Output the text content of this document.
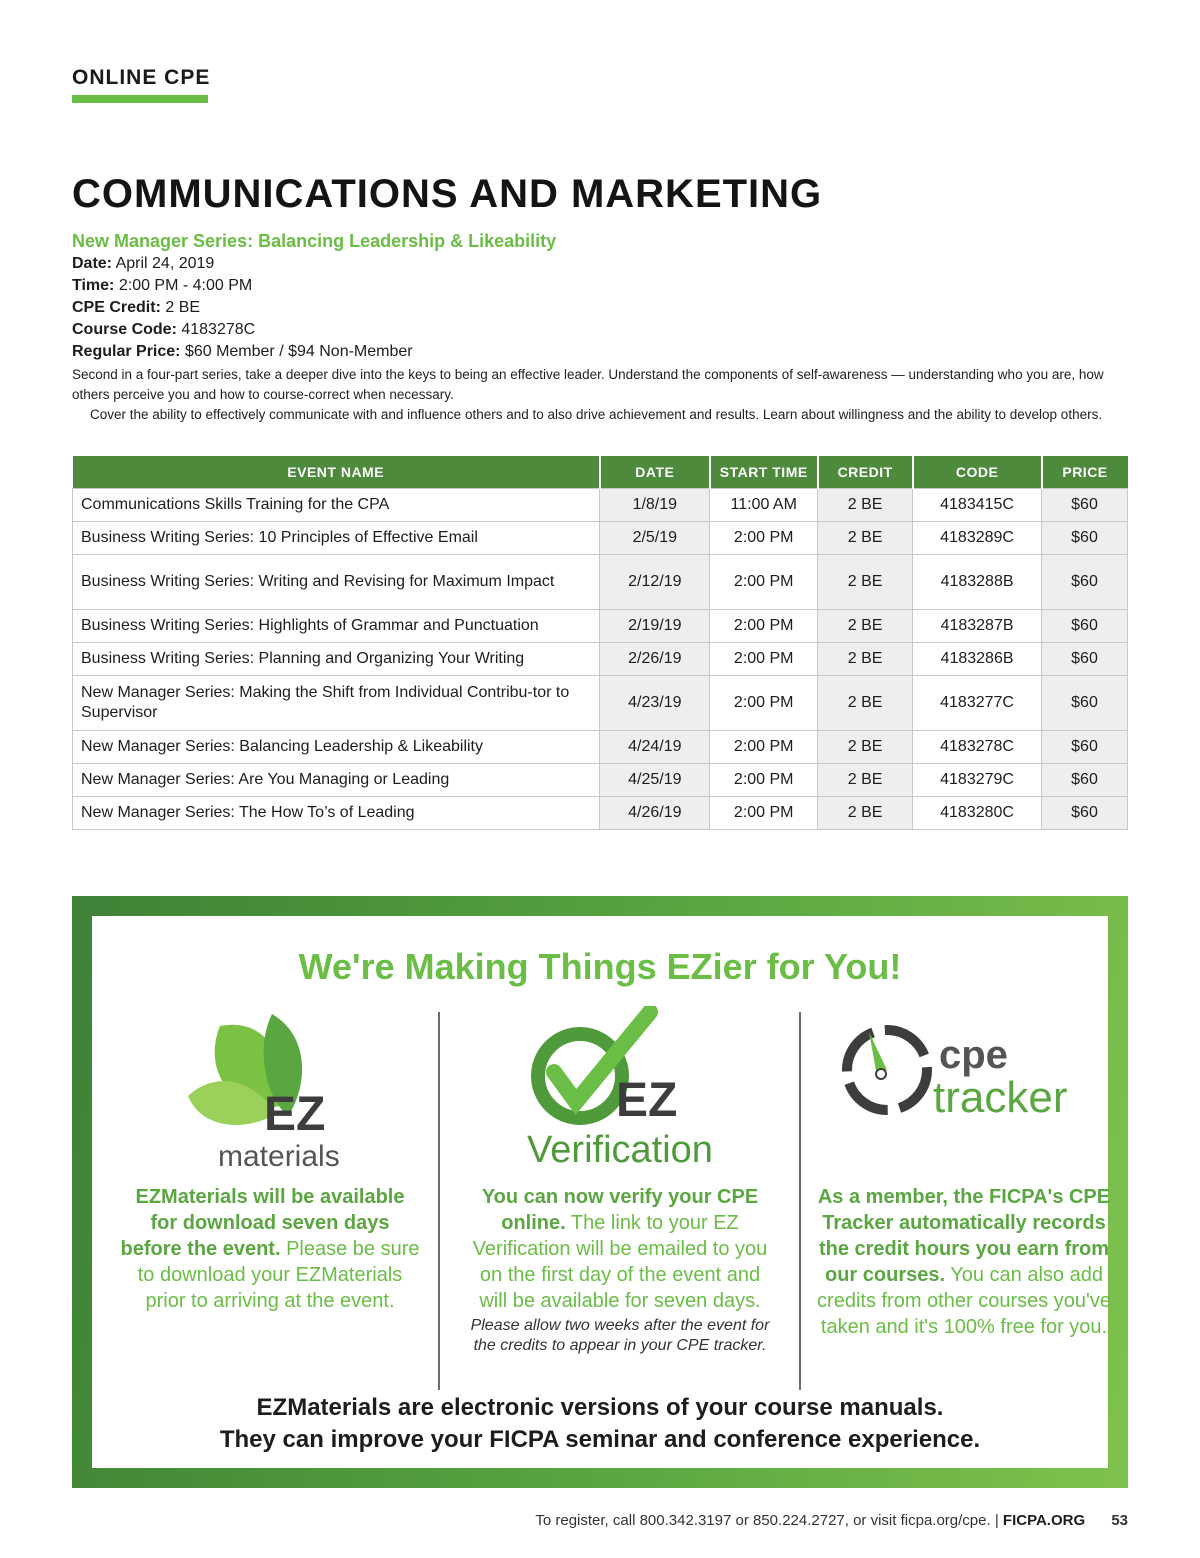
ONLINE CPE
COMMUNICATIONS AND MARKETING
New Manager Series: Balancing Leadership & Likeability
Date: April 24, 2019
Time: 2:00 PM - 4:00 PM
CPE Credit: 2 BE
Course Code: 4183278C
Regular Price: $60 Member / $94 Non-Member

Second in a four-part series, take a deeper dive into the keys to being an effective leader. Understand the components of self-awareness — understanding who you are, how others perceive you and how to course-correct when necessary.

Cover the ability to effectively communicate with and influence others and to also drive achievement and results. Learn about willingness and the ability to develop others.

EVENT NAME	DATE	START TIME	CREDIT	CODE	PRICE
Communications Skills Training for the CPA	1/8/19	11:00 AM	2 BE	4183415C	$60
Business Writing Series: 10 Principles of Effective Email	2/5/19	2:00 PM	2 BE	4183289C	$60
Business Writing Series: Writing and Revising for Maximum Impact	2/12/19	2:00 PM	2 BE	4183288B	$60
Business Writing Series: Highlights of Grammar and Punctuation	2/19/19	2:00 PM	2 BE	4183287B	$60
Business Writing Series: Planning and Organizing Your Writing	2/26/19	2:00 PM	2 BE	4183286B	$60
New Manager Series: Making the Shift from Individual Contribu-tor to Supervisor	4/23/19	2:00 PM	2 BE	4183277C	$60
New Manager Series: Balancing Leadership & Likeability	4/24/19	2:00 PM	2 BE	4183278C	$60
New Manager Series: Are You Managing or Leading	4/25/19	2:00 PM	2 BE	4183279C	$60
New Manager Series: The How To’s of Leading	4/26/19	2:00 PM	2 BE	4183280C	$60
We're Making Things EZier for You!
EZ
materials
EZMaterials will be available for download seven days before the event. Please be sure to download your EZMaterials prior to arriving at the event.
EZ
Verification
You can now verify your CPE online. The link to your EZ Verification will be emailed to you on the first day of the event and will be available for seven days.
Please allow two weeks after the event for the credits to appear in your CPE tracker.
cpe
tracker
As a member, the FICPA's CPE Tracker automatically records the credit hours you earn from our courses. You can also add credits from other courses you've taken and it's 100% free for you.
EZMaterials are electronic versions of your course manuals.
They can improve your FICPA seminar and conference experience.
To register, call 800.342.3197 or 850.224.2727, or visit ficpa.org/cpe. | FICPA.ORG 53
